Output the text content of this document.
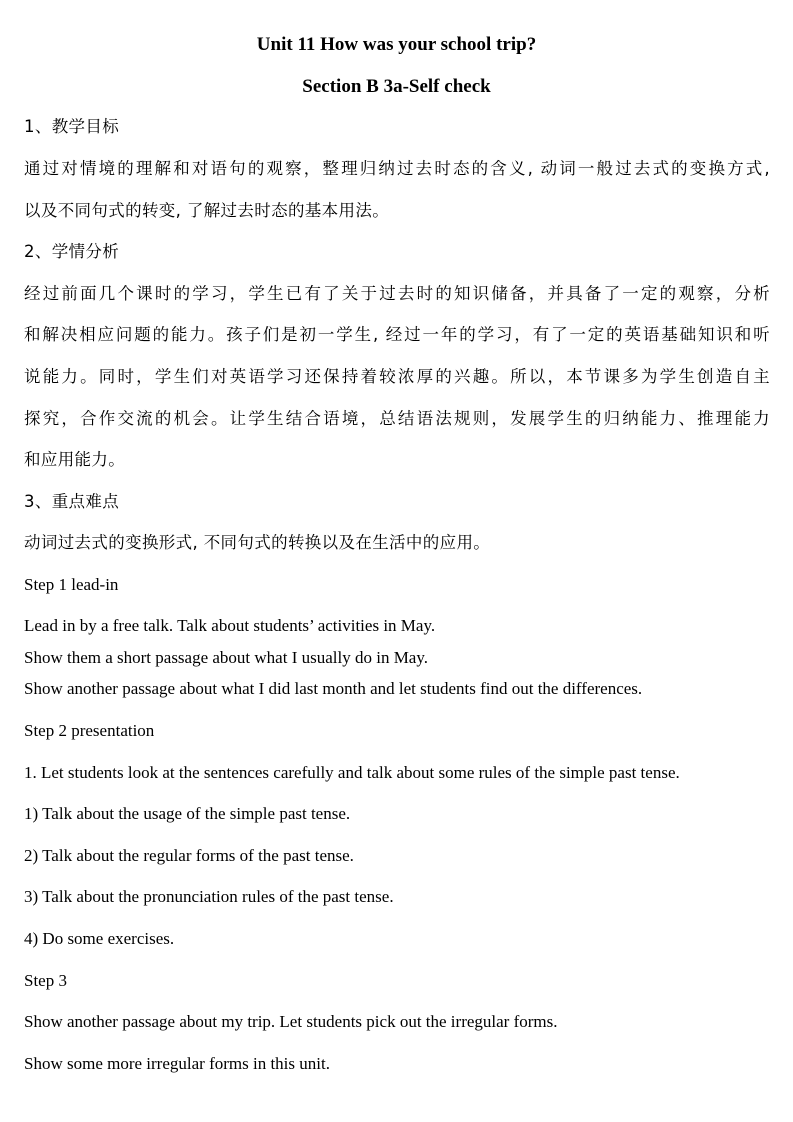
Unit 11 How was your school trip?
Section B 3a-Self check
1、教学目标
通过对情境的理解和对语句的观察，整理归纳过去时态的含义, 动词一般过去式的变换方式,
以及不同句式的转变, 了解过去时态的基本用法。
2、学情分析
经过前面几个课时的学习，学生已有了关于过去时的知识储备，并具备了一定的观察，分析
和解决相应问题的能力。孩子们是初一学生, 经过一年的学习，有了一定的英语基础知识和听
说能力。同时，学生们对英语学习还保持着较浓厚的兴趣。所以，本节课多为学生创造自主
探究，合作交流的机会。让学生结合语境，总结语法规则，发展学生的归纳能力、推理能力
和应用能力。
3、重点难点
动词过去式的变换形式, 不同句式的转换以及在生活中的应用。
Step 1 lead-in
Lead in by a free talk. Talk about students’ activities in May.
Show them a short passage about what I usually do in May.
Show another passage about what I did last month and let students find out the differences.
Step 2 presentation
1. Let students look at the sentences carefully and talk about some rules of the simple past tense.
1) Talk about the usage of the simple past tense.
2) Talk about the regular forms of the past tense.
3) Talk about the pronunciation rules of the past tense.
4) Do some exercises.
Step 3
Show another passage about my trip. Let students pick out the irregular forms.
Show some more irregular forms in this unit.
